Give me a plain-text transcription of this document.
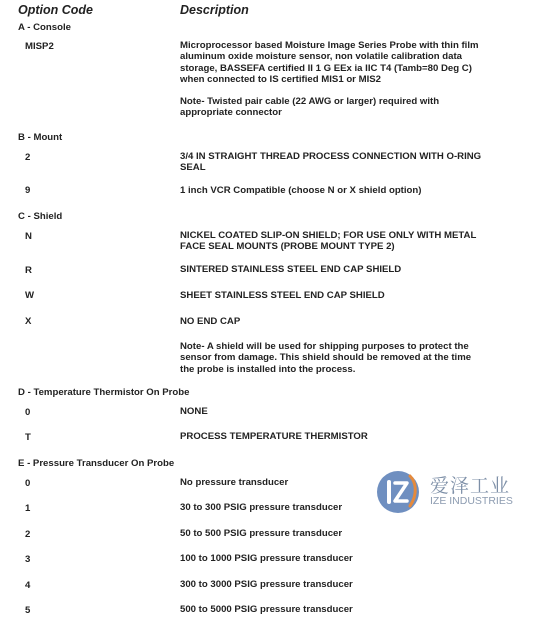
Option Code	Description
A - Console
MISP2	Microprocessor based Moisture Image Series Probe with thin film
aluminum oxide moisture sensor, non volatile calibration data
storage, BASSEFA certified II 1 G EEx ia IIC T4 (Tamb=80 Deg C)
when connected to IS certified MIS1 or MIS2
Note- Twisted pair cable (22 AWG or larger) required with
appropriate connector
B - Mount
2	3/4 IN STRAIGHT THREAD PROCESS CONNECTION WITH O-RING
SEAL
9	1 inch VCR Compatible (choose N or X shield option)
C - Shield
N	NICKEL COATED SLIP-ON SHIELD; FOR USE ONLY WITH METAL
FACE SEAL MOUNTS (PROBE MOUNT TYPE 2)
R	SINTERED STAINLESS STEEL END CAP SHIELD
W	SHEET STAINLESS STEEL END CAP SHIELD
X	NO END CAP
Note- A shield will be used for shipping purposes to protect the
sensor from damage. This shield should be removed at the time
the probe is installed into the process.
D - Temperature Thermistor On Probe
0	NONE
T	PROCESS TEMPERATURE THERMISTOR
E - Pressure Transducer On Probe
0	No pressure transducer
1	30 to 300 PSIG pressure transducer
2	50 to 500 PSIG pressure transducer
3	100 to 1000 PSIG pressure transducer
4	300 to 3000 PSIG pressure transducer
5	500 to 5000 PSIG pressure transducer
爱泽工业
IZE INDUSTRIES
